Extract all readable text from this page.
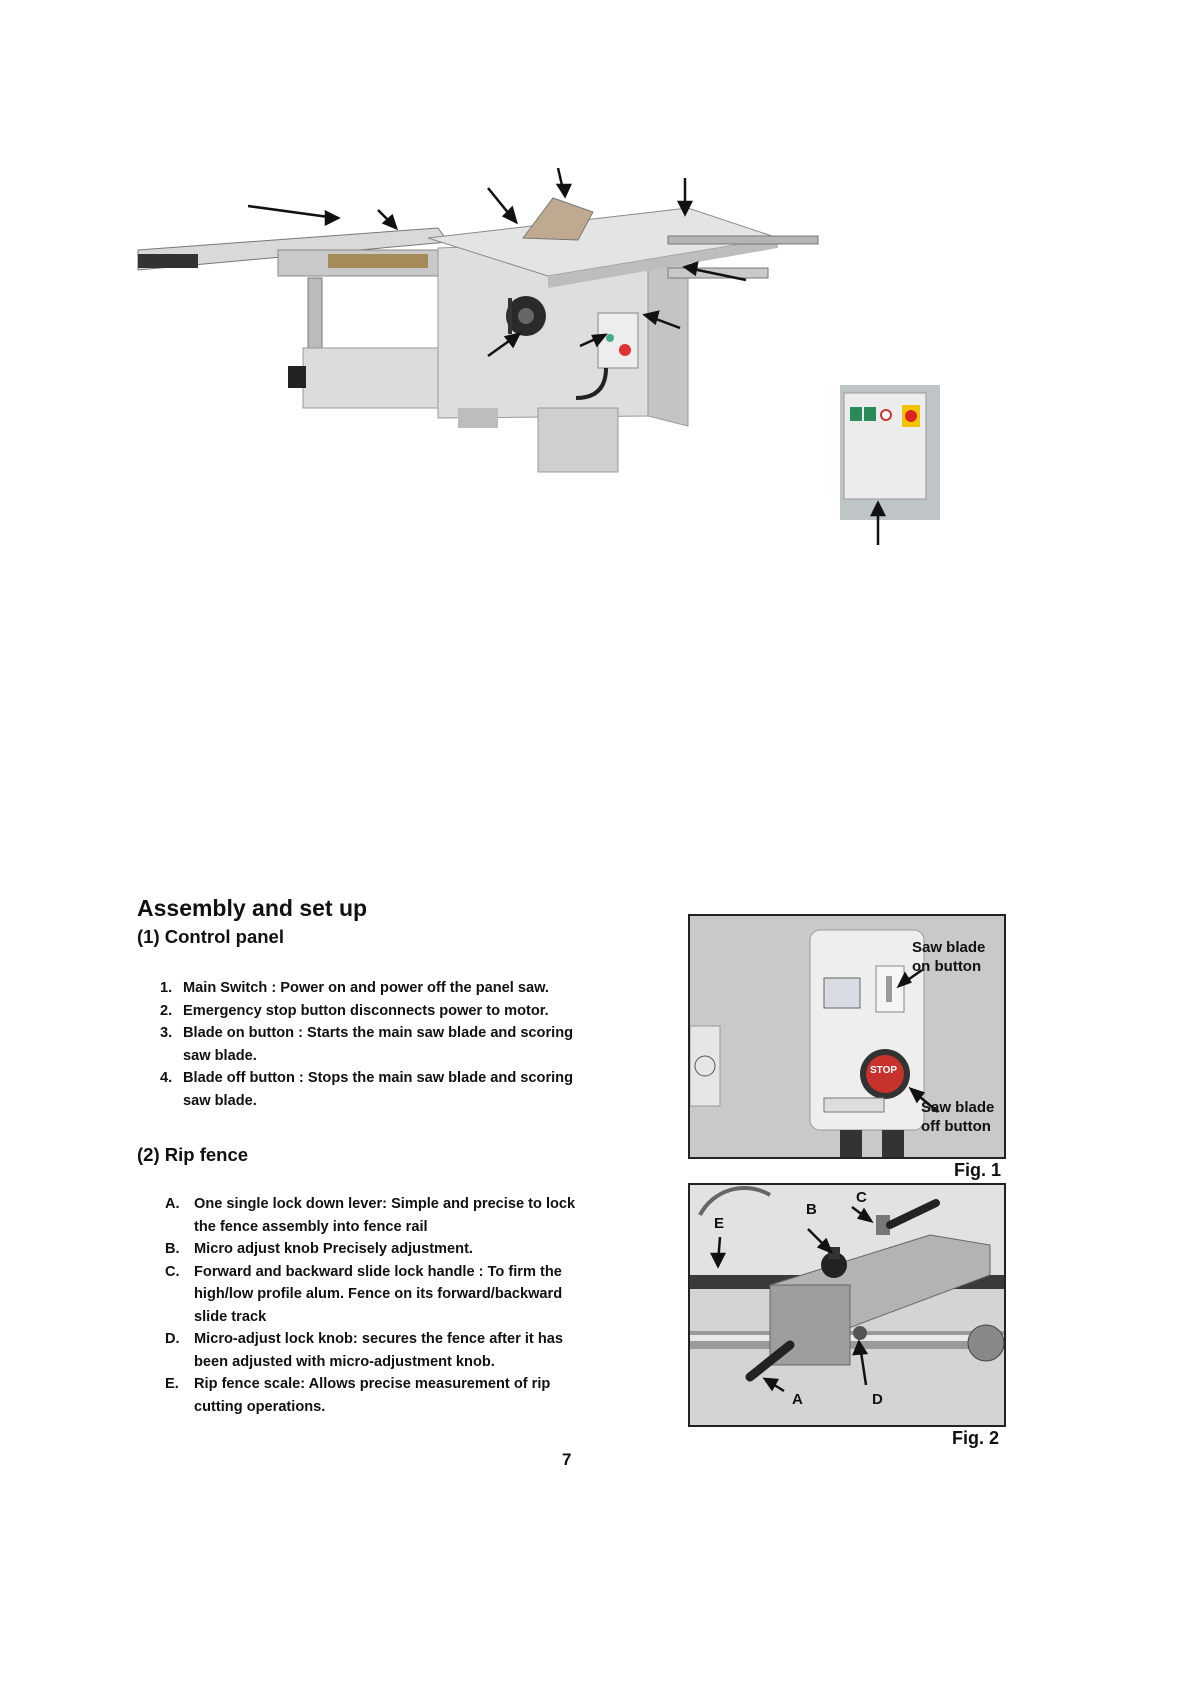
Assembly and set up
(1) Control panel
1. Main Switch : Power on and power off the panel saw.
2. Emergency stop button disconnects power to motor.
3. Blade on button : Starts the main saw blade and scoring saw blade.
4. Blade off button : Stops the main saw blade and scoring saw blade.
(2) Rip fence
A. One single lock down lever: Simple and precise to lock the fence assembly into fence rail
B. Micro adjust knob Precisely adjustment.
C. Forward and backward slide lock handle : To firm the high/low profile alum. Fence on its forward/backward slide track
D. Micro-adjust lock knob: secures the fence after it has been adjusted with micro-adjustment knob.
E. Rip fence scale: Allows precise measurement of rip cutting operations.
7
Saw blade
on button
Saw blade
off button
STOP
Fig. 1
B
C
E
A	D
Fig. 2
